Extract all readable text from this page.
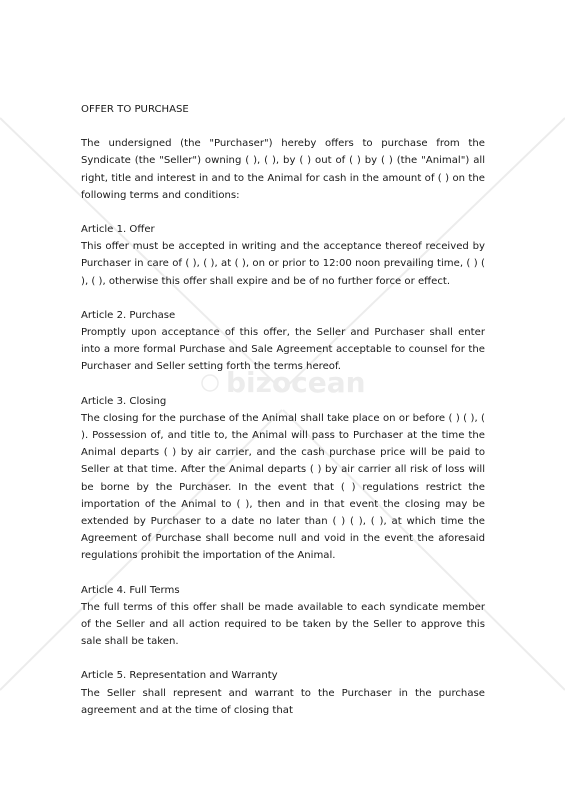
bizocean
OFFER TO PURCHASE

The undersigned (the "Purchaser") hereby offers to purchase from the Syndicate (the "Seller") owning ( ), ( ), by ( ) out of ( ) by ( ) (the "Animal") all right, title and interest in and to the Animal for cash in the amount of ( ) on the following terms and conditions:

Article 1. Offer

This offer must be accepted in writing and the acceptance thereof received by Purchaser in care of ( ), ( ), at ( ), on or prior to 12:00 noon prevailing time, ( ) ( ), ( ), otherwise this offer shall expire and be of no further force or effect.

Article 2. Purchase

Promptly upon acceptance of this offer, the Seller and Purchaser shall enter into a more formal Purchase and Sale Agreement acceptable to counsel for the Purchaser and Seller setting forth the terms hereof.

Article 3. Closing

The closing for the purchase of the Animal shall take place on or before ( ) ( ), ( ). Possession of, and title to, the Animal will pass to Purchaser at the time the Animal departs ( ) by air carrier, and the cash purchase price will be paid to Seller at that time. After the Animal departs ( ) by air carrier all risk of loss will be borne by the Purchaser. In the event that ( ) regulations restrict the importation of the Animal to ( ), then and in that event the closing may be extended by Purchaser to a date no later than ( ) ( ), ( ), at which time the Agreement of Purchase shall become null and void in the event the aforesaid regulations prohibit the importation of the Animal.

Article 4. Full Terms

The full terms of this offer shall be made available to each syndicate member of the Seller and all action required to be taken by the Seller to approve this sale shall be taken.

Article 5. Representation and Warranty

The Seller shall represent and warrant to the Purchaser in the purchase agreement and at the time of closing that
